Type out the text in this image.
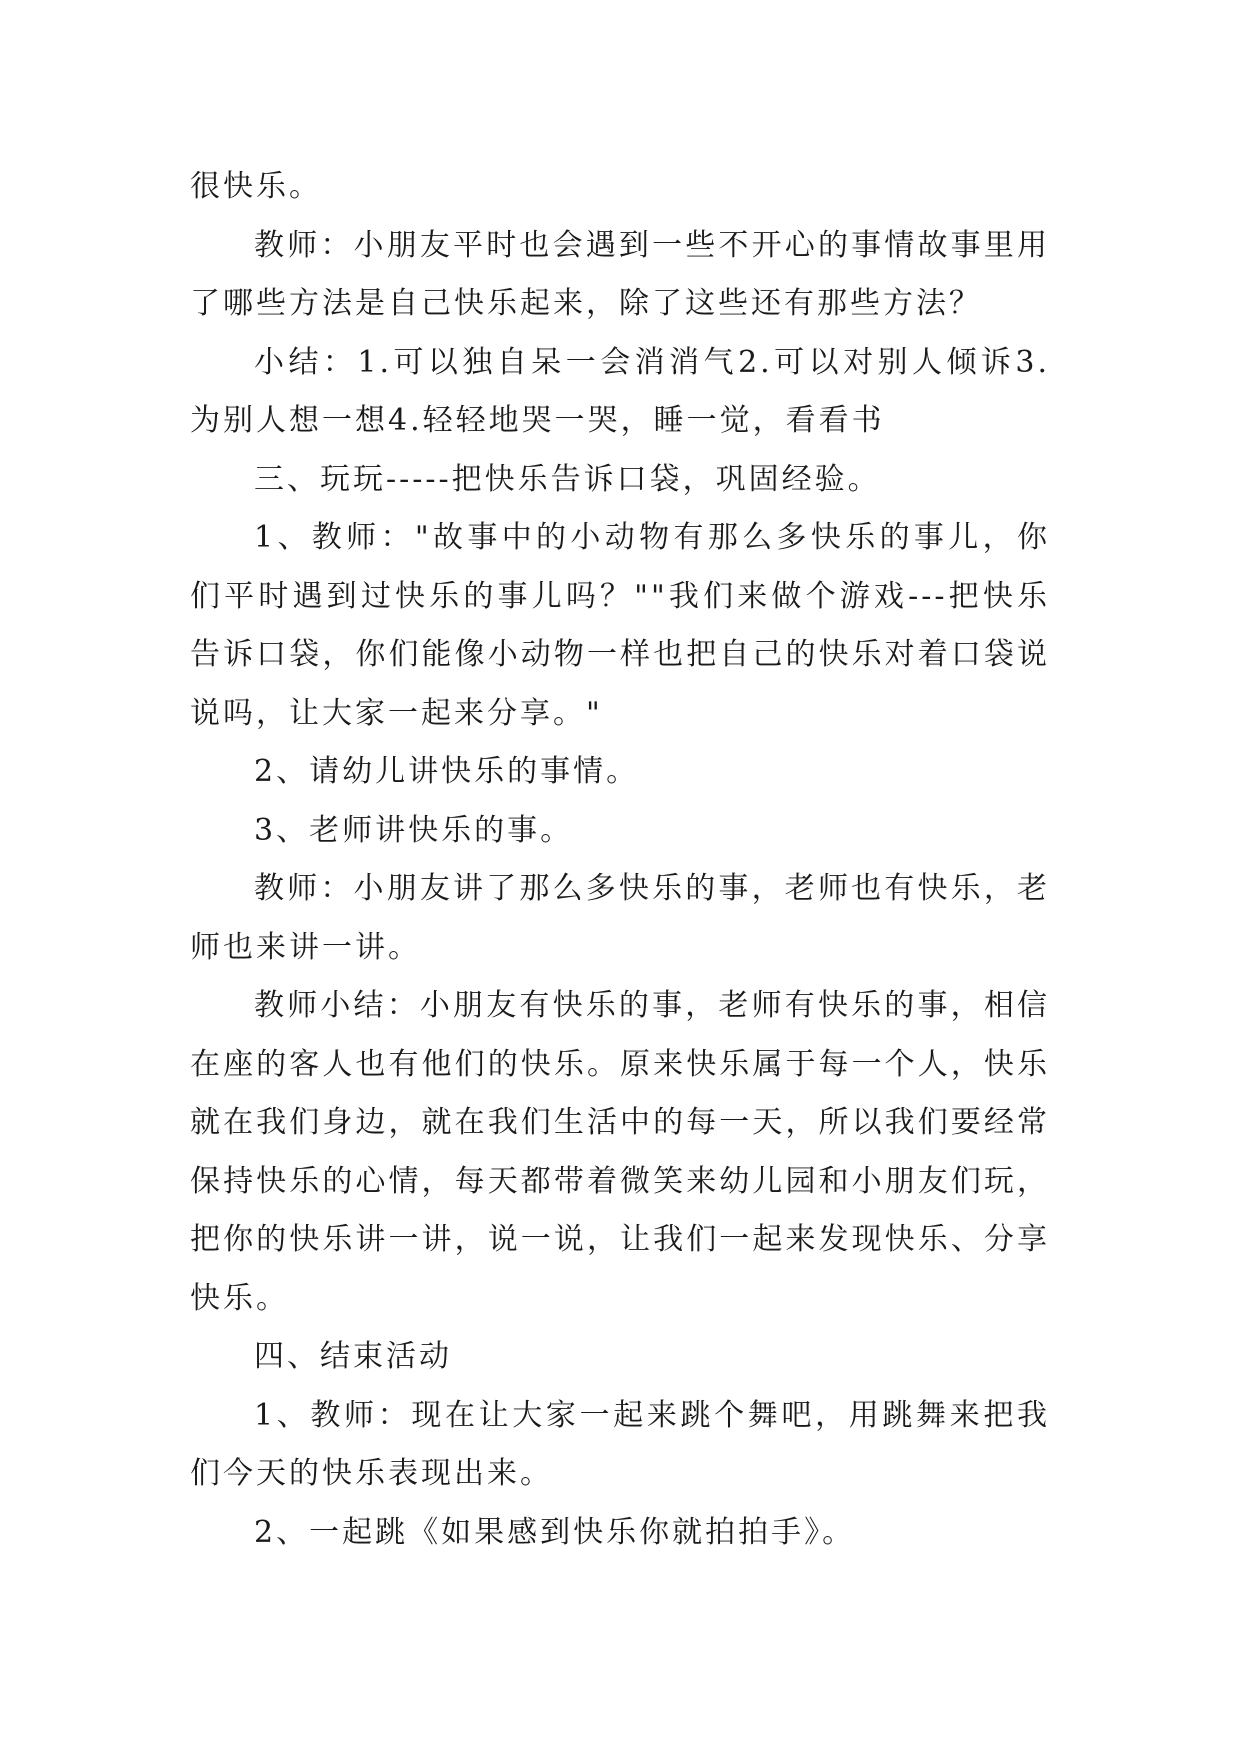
很快乐。

教师：小朋友平时也会遇到一些不开心的事情故事里用了哪些方法是自己快乐起来，除了这些还有那些方法？

小结：1.可以独自呆一会消消气2.可以对别人倾诉3.为别人想一想4.轻轻地哭一哭，睡一觉，看看书

三、玩玩-----把快乐告诉口袋，巩固经验。

1、教师："故事中的小动物有那么多快乐的事儿，你们平时遇到过快乐的事儿吗？""我们来做个游戏---把快乐告诉口袋，你们能像小动物一样也把自己的快乐对着口袋说说吗，让大家一起来分享。"

2、请幼儿讲快乐的事情。

3、老师讲快乐的事。

教师：小朋友讲了那么多快乐的事，老师也有快乐，老师也来讲一讲。

教师小结：小朋友有快乐的事，老师有快乐的事，相信在座的客人也有他们的快乐。原来快乐属于每一个人，快乐就在我们身边，就在我们生活中的每一天，所以我们要经常保持快乐的心情，每天都带着微笑来幼儿园和小朋友们玩，把你的快乐讲一讲，说一说，让我们一起来发现快乐、分享快乐。

四、结束活动

1、教师：现在让大家一起来跳个舞吧，用跳舞来把我们今天的快乐表现出来。

2、一起跳《如果感到快乐你就拍拍手》。
